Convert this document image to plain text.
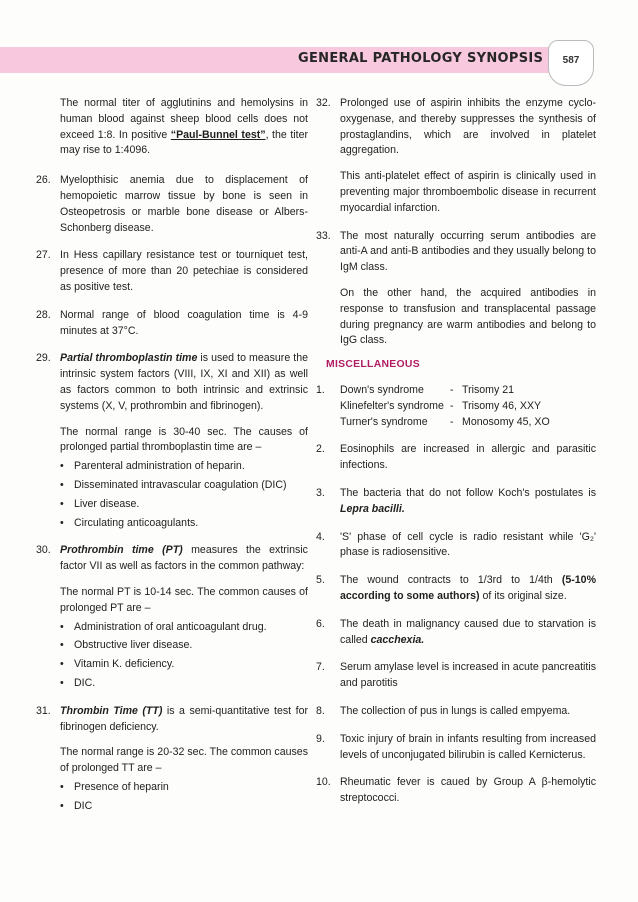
GENERAL PATHOLOGY SYNOPSIS	587

The normal titer of agglutinins and hemolysins in human blood against sheep blood cells does not exceed 1:8. In positive “Paul-Bunnel test”, the titer may rise to 1:4096.

26. Myelopthisic anemia due to displacement of hemopoietic marrow tissue by bone is seen in Osteopetrosis or marble bone disease or Albers-Schonberg disease.
27. In Hess capillary resistance test or tourniquet test, presence of more than 20 petechiae is considered as positive test.
28. Normal range of blood coagulation time is 4-9 minutes at 37°C.
29. Partial thromboplastin time is used to measure the intrinsic system factors (VIII, IX, XI and XII) as well as factors common to both intrinsic and extrinsic systems (X, V, prothrombin and fibrinogen).

The normal range is 30-40 sec. The causes of prolonged partial thromboplastin time are –

• Parenteral administration of heparin.
• Disseminated intravascular coagulation (DIC)
• Liver disease.
• Circulating anticoagulants.
30. Prothrombin time (PT) measures the extrinsic factor VII as well as factors in the common pathway:

The normal PT is 10-14 sec. The common causes of prolonged PT are –

• Administration of oral anticoagulant drug.
• Obstructive liver disease.
• Vitamin K. deficiency.
• DIC.
31. Thrombin Time (TT) is a semi-quantitative test for fibrinogen deficiency.

The normal range is 20-32 sec. The common causes of prolonged TT are –

• Presence of heparin
• DIC
32. Prolonged use of aspirin inhibits the enzyme cyclo-oxygenase, and thereby suppresses the synthesis of prostaglandins, which are involved in platelet aggregation.

This anti-platelet effect of aspirin is clinically used in preventing major thromboembolic disease in recurrent myocardial infarction.

33. The most naturally occurring serum antibodies are anti-A and anti-B antibodies and they usually belong to IgM class.

On the other hand, the acquired antibodies in response to transfusion and transplacental passage during pregnancy are warm antibodies and belong to IgG class.

MISCELLANEOUS
1. Down's syndrome	- Trisomy 21
Klinefelter's syndrome - Trisomy 46, XXY
Turner's syndrome	- Monosomy 45, XO
2. Eosinophils are increased in allergic and parasitic infections.
3. The bacteria that do not follow Koch's postulates is Lepra bacilli.
4. 'S' phase of cell cycle is radio resistant while 'G₂' phase is radiosensitive.
5. The wound contracts to 1/3rd to 1/4th (5-10% according to some authors) of its original size.
6. The death in malignancy caused due to starvation is called cacchexia.
7. Serum amylase level is increased in acute pancreatitis and parotitis
8. The collection of pus in lungs is called empyema.
9. Toxic injury of brain in infants resulting from increased levels of unconjugated bilirubin is called Kernicterus.
10. Rheumatic fever is caued by Group A β-hemolytic streptococci.
